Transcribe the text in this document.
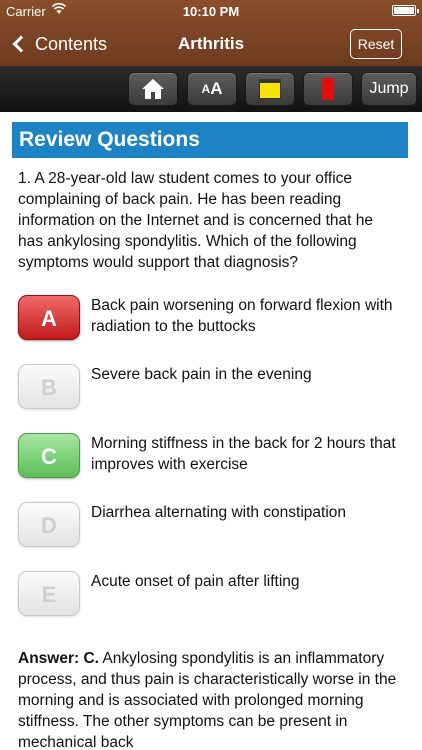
Carrier	10:10 PM
Contents	Arthritis	Reset
A A	Jump
Review Questions
1. A 28-year-old law student comes to your office complaining of back pain. He has been reading information on the Internet and is concerned that he has ankylosing spondylitis. Which of the following symptoms would support that diagnosis?
A
Back pain worsening on forward flexion with radiation to the buttocks
B
Severe back pain in the evening
C
Morning stiffness in the back for 2 hours that improves with exercise
D
Diarrhea alternating with constipation
E
Acute onset of pain after lifting
Answer: C. Ankylosing spondylitis is an inflammatory process, and thus pain is characteristically worse in the morning and is associated with prolonged morning stiffness. The other symptoms can be present in mechanical back
